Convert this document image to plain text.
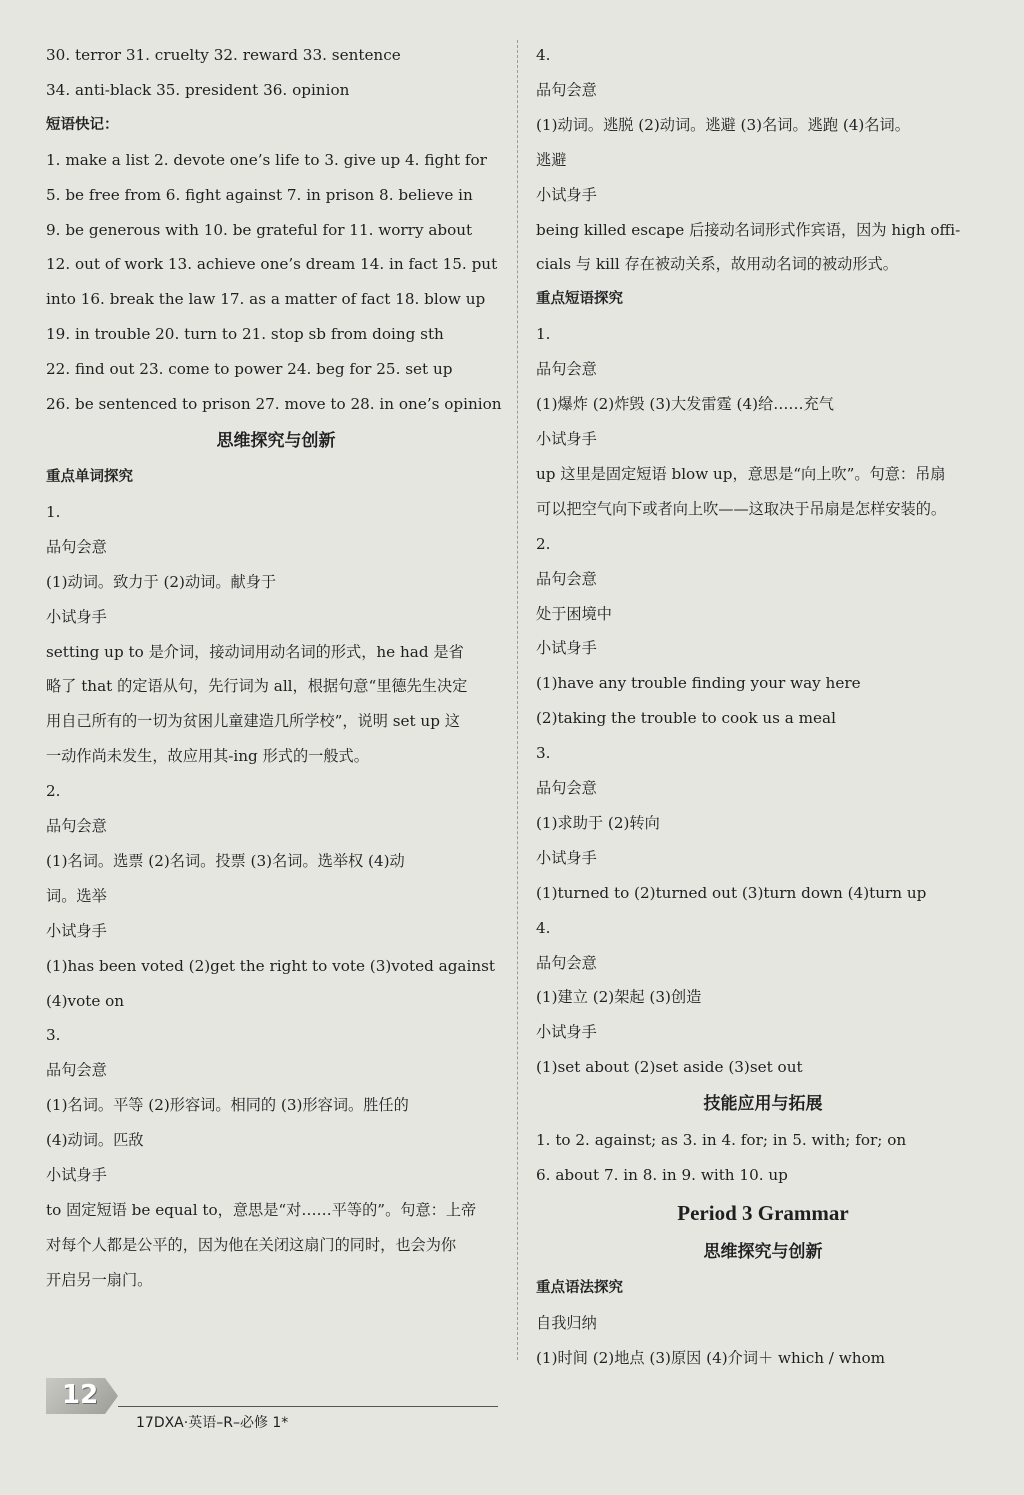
30. terror 31. cruelty 32. reward 33. sentence
34. anti-black 35. president 36. opinion
短语快记：
1. make a list 2. devote one’s life to 3. give up 4. fight for
5. be free from 6. fight against 7. in prison 8. believe in
9. be generous with 10. be grateful for 11. worry about
12. out of work 13. achieve one’s dream 14. in fact 15. put
into 16. break the law 17. as a matter of fact 18. blow up
19. in trouble 20. turn to 21. stop sb from doing sth
22. find out 23. come to power 24. beg for 25. set up
26. be sentenced to prison 27. move to 28. in one’s opinion
思维探究与创新
重点单词探究
1.
品句会意
(1)动词。致力于 (2)动词。献身于
小试身手
setting up to 是介词，接动词用动名词的形式，he had 是省
略了 that 的定语从句，先行词为 all，根据句意“里德先生决定
用自己所有的一切为贫困儿童建造几所学校”，说明 set up 这
一动作尚未发生，故应用其-ing 形式的一般式。
2.
品句会意
(1)名词。选票 (2)名词。投票 (3)名词。选举权 (4)动
词。选举
小试身手
(1)has been voted (2)get the right to vote (3)voted against
(4)vote on
3.
品句会意
(1)名词。平等 (2)形容词。相同的 (3)形容词。胜任的
(4)动词。匹敌
小试身手
to 固定短语 be equal to，意思是“对……平等的”。句意：上帝
对每个人都是公平的，因为他在关闭这扇门的同时，也会为你
开启另一扇门。
4.
品句会意
(1)动词。逃脱 (2)动词。逃避 (3)名词。逃跑 (4)名词。
逃避
小试身手
being killed escape 后接动名词形式作宾语，因为 high offi-
cials 与 kill 存在被动关系，故用动名词的被动形式。
重点短语探究
1.
品句会意
(1)爆炸 (2)炸毁 (3)大发雷霆 (4)给……充气
小试身手
up 这里是固定短语 blow up，意思是“向上吹”。句意：吊扇
可以把空气向下或者向上吹——这取决于吊扇是怎样安装的。
2.
品句会意
处于困境中
小试身手
(1)have any trouble finding your way here
(2)taking the trouble to cook us a meal
3.
品句会意
(1)求助于 (2)转向
小试身手
(1)turned to (2)turned out (3)turn down (4)turn up
4.
品句会意
(1)建立 (2)架起 (3)创造
小试身手
(1)set about (2)set aside (3)set out
技能应用与拓展
1. to 2. against; as 3. in 4. for; in 5. with; for; on
6. about 7. in 8. in 9. with 10. up
Period 3 Grammar
思维探究与创新
重点语法探究
自我归纳
(1)时间 (2)地点 (3)原因 (4)介词＋ which / whom
12
17DXA·英语–R–必修 1*
